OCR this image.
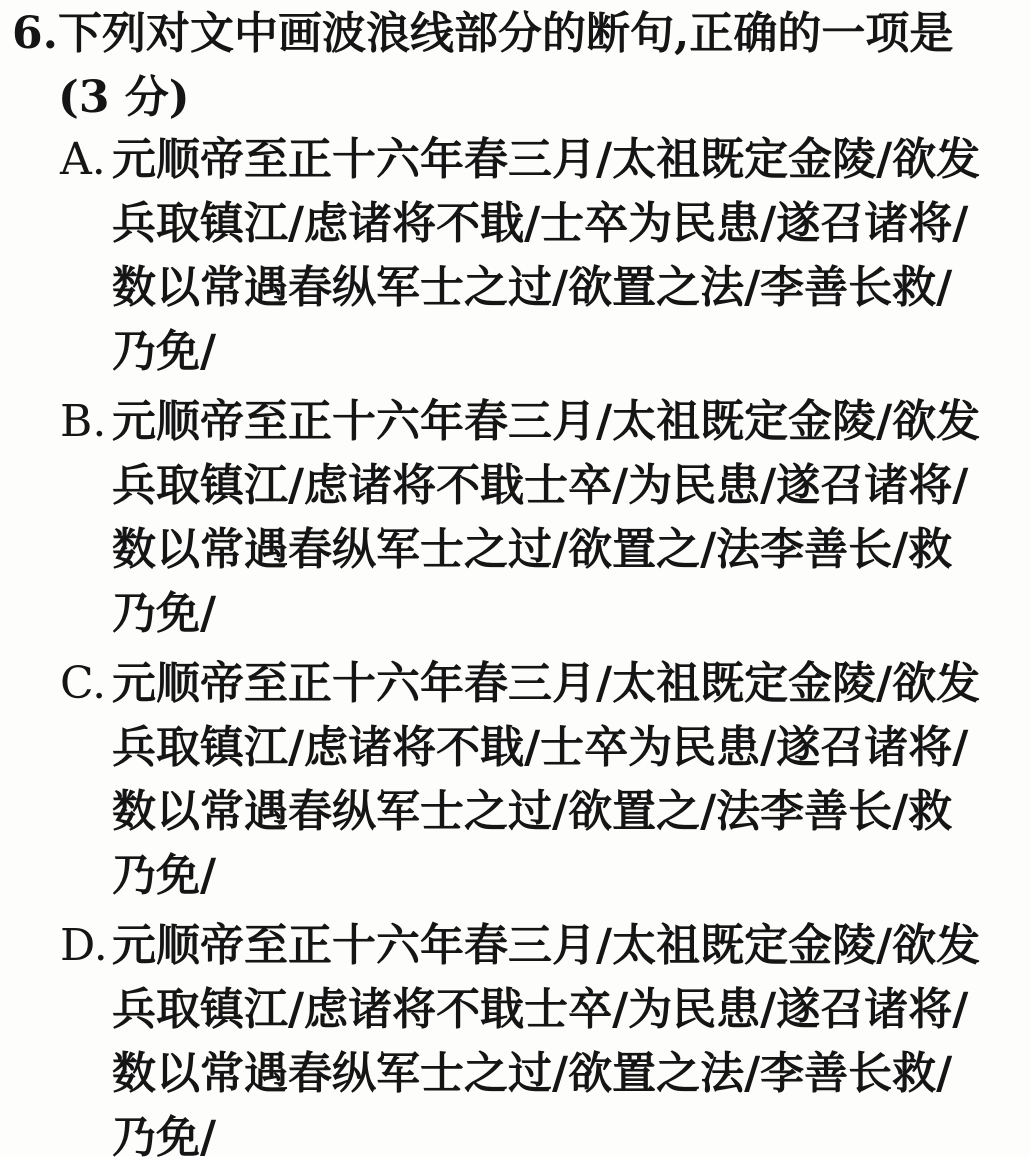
6.下列对文中画波浪线部分的断句,正确的一项是
(3 分)
A. 元顺帝至正十六年春三月/太祖既定金陵/欲发
兵取镇江/虑诸将不戢/士卒为民患/遂召诸将/
数以常遇春纵军士之过/欲置之法/李善长救/
乃免/
B. 元顺帝至正十六年春三月/太祖既定金陵/欲发
兵取镇江/虑诸将不戢士卒/为民患/遂召诸将/
数以常遇春纵军士之过/欲置之/法李善长/救
乃免/
C. 元顺帝至正十六年春三月/太祖既定金陵/欲发
兵取镇江/虑诸将不戢/士卒为民患/遂召诸将/
数以常遇春纵军士之过/欲置之/法李善长/救
乃免/
D.元顺帝至正十六年春三月/太祖既定金陵/欲发
兵取镇江/虑诸将不戢士卒/为民患/遂召诸将/
数以常遇春纵军士之过/欲置之法/李善长救/
乃免/
